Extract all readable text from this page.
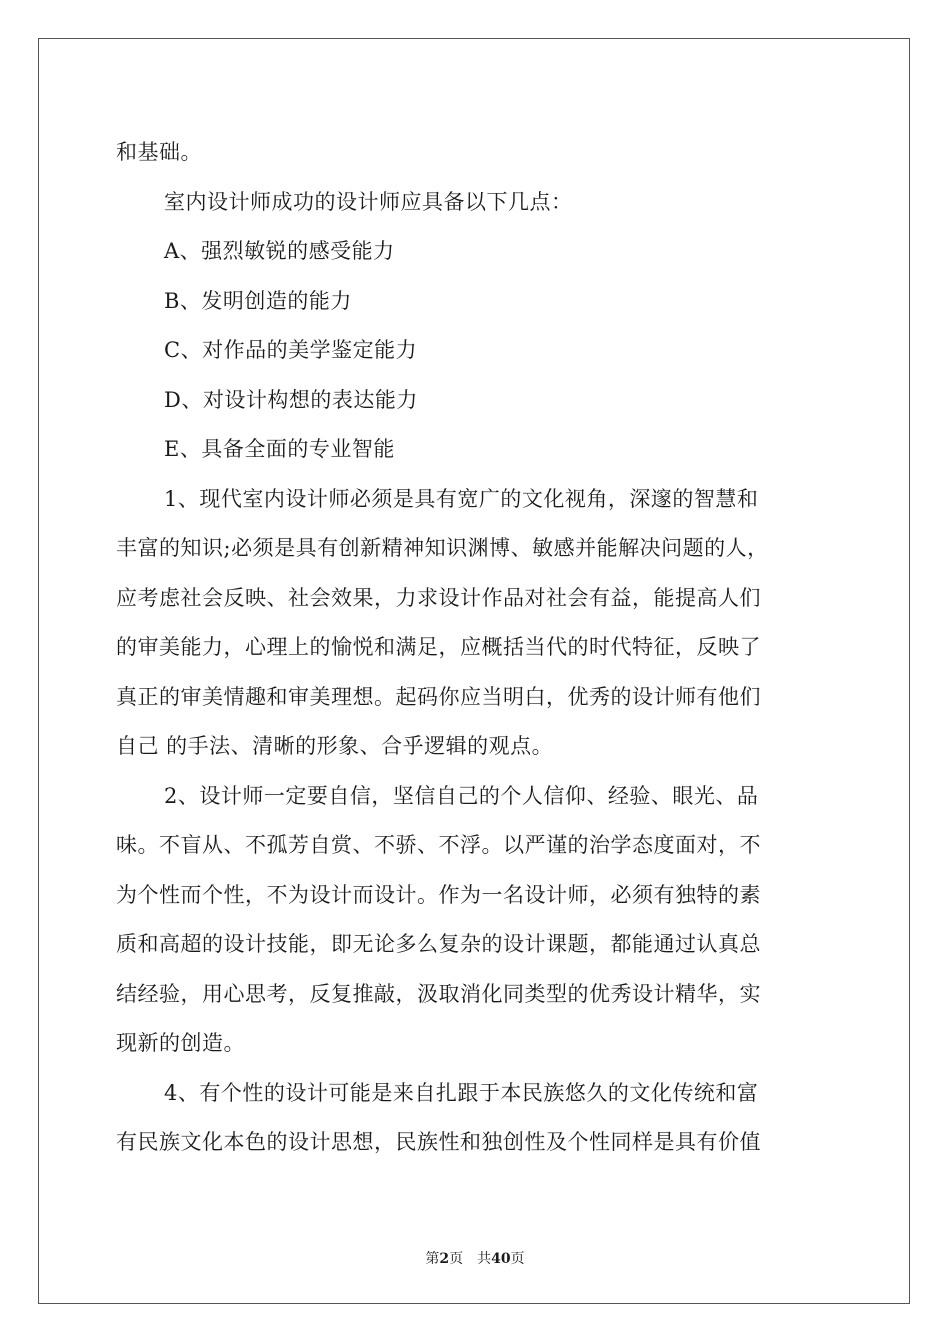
和基础。
室内设计师成功的设计师应具备以下几点：
A、强烈敏锐的感受能力
B、发明创造的能力
C、对作品的美学鉴定能力
D、对设计构想的表达能力
E、具备全面的专业智能
1、现代室内设计师必须是具有宽广的文化视角，深邃的智慧和
丰富的知识;必须是具有创新精神知识渊博、敏感并能解决问题的人，
应考虑社会反映、社会效果，力求设计作品对社会有益，能提高人们
的审美能力，心理上的愉悦和满足，应概括当代的时代特征，反映了
真正的审美情趣和审美理想。起码你应当明白，优秀的设计师有他们
自己 的手法、清晰的形象、合乎逻辑的观点。
2、设计师一定要自信，坚信自己的个人信仰、经验、眼光、品
味。不盲从、不孤芳自赏、不骄、不浮。以严谨的治学态度面对，不
为个性而个性，不为设计而设计。作为一名设计师，必须有独特的素
质和高超的设计技能，即无论多么复杂的设计课题，都能通过认真总
结经验，用心思考，反复推敲，汲取消化同类型的优秀设计精华，实
现新的创造。
4、有个性的设计可能是来自扎跟于本民族悠久的文化传统和富
有民族文化本色的设计思想，民族性和独创性及个性同样是具有价值
第2页 共40页
